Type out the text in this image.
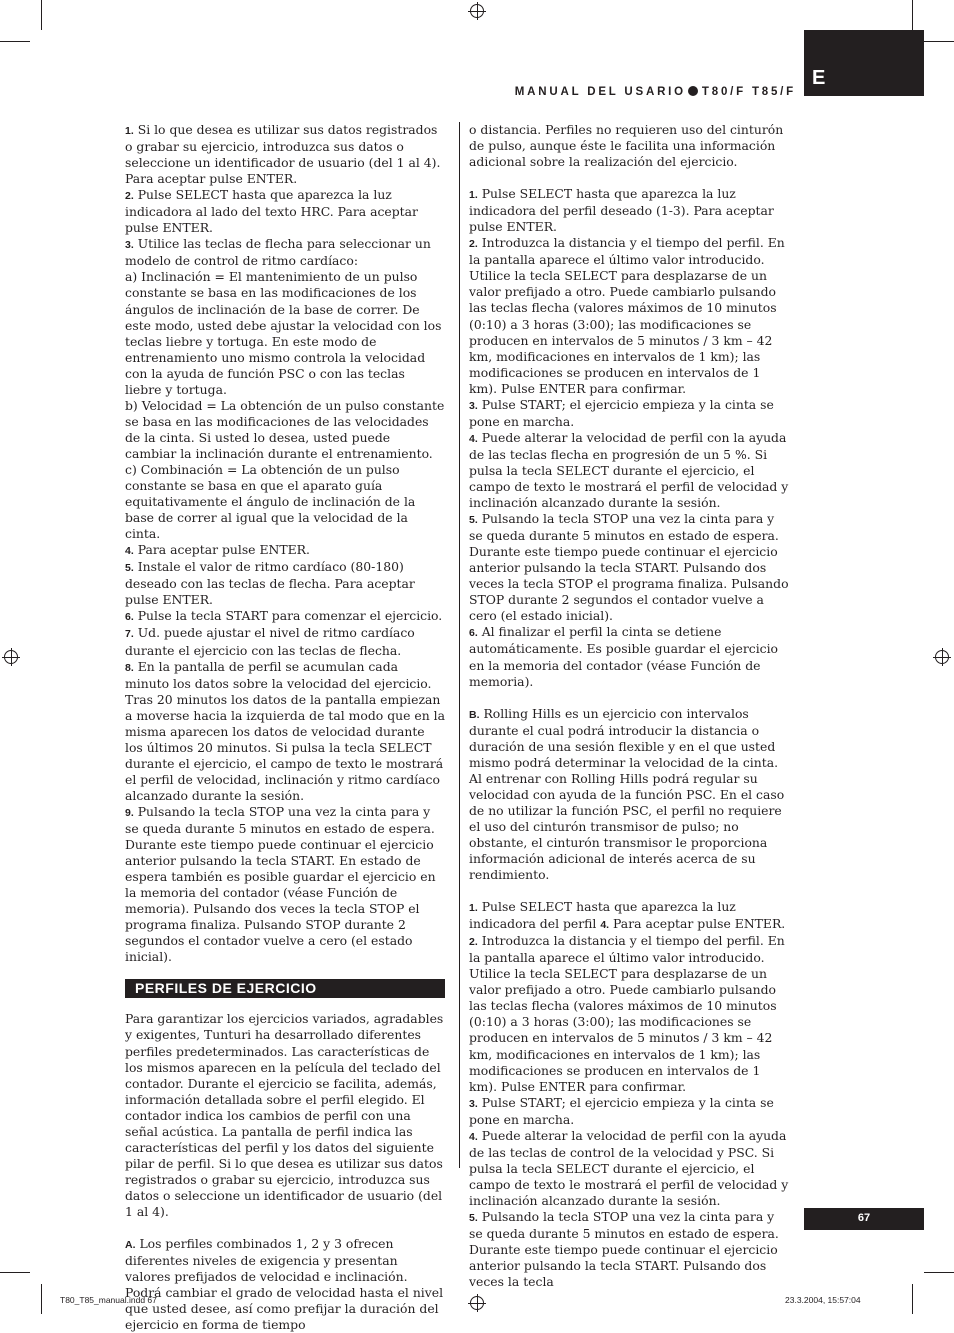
E
MANUAL DEL USARIO T80/F T85/F

1. Si lo que desea es utilizar sus datos registrados o grabar su ejercicio, introduzca sus datos o seleccione un identificador de usuario (del 1 al 4). Para aceptar pulse ENTER.

2. Pulse SELECT hasta que aparezca la luz indicadora al lado del texto HRC. Para aceptar pulse ENTER.

3. Utilice las teclas de flecha para seleccionar un modelo de control de ritmo cardíaco:

a) Inclinación = El mantenimiento de un pulso constante se basa en las modificaciones de los ángulos de inclinación de la base de correr. De este modo, usted debe ajustar la velocidad con los teclas liebre y tortuga. En este modo de entrenamiento uno mismo controla la velocidad con la ayuda de función PSC o con las teclas liebre y tortuga.

b) Velocidad = La obtención de un pulso constante se basa en las modificaciones de las velocidades de la cinta. Si usted lo desea, usted puede cambiar la inclinación durante el entrenamiento.

c) Combinación = La obtención de un pulso constante se basa en que el aparato guía equitativamente el ángulo de inclinación de la base de correr al igual que la velocidad de la cinta.

4. Para aceptar pulse ENTER.

5. Instale el valor de ritmo cardíaco (80-180) deseado con las teclas de flecha. Para aceptar pulse ENTER.

6. Pulse la tecla START para comenzar el ejercicio.

7. Ud. puede ajustar el nivel de ritmo cardíaco durante el ejercicio con las teclas de flecha.

8. En la pantalla de perfil se acumulan cada minuto los datos sobre la velocidad del ejercicio. Tras 20 minutos los datos de la pantalla empiezan a moverse hacia la izquierda de tal modo que en la misma aparecen los datos de velocidad durante los últimos 20 minutos. Si pulsa la tecla SELECT durante el ejercicio, el campo de texto le mostrará el perfil de velocidad, inclinación y ritmo cardíaco alcanzado durante la sesión.

9. Pulsando la tecla STOP una vez la cinta para y se queda durante 5 minutos en estado de espera. Durante este tiempo puede continuar el ejercicio anterior pulsando la tecla START. En estado de espera también es posible guardar el ejercicio en la memoria del contador (véase Función de memoria). Pulsando dos veces la tecla STOP el programa finaliza. Pulsando STOP durante 2 segundos el contador vuelve a cero (el estado inicial).

PERFILES DE EJERCICIO

Para garantizar los ejercicios variados, agradables y exigentes, Tunturi ha desarrollado diferentes perfiles predeterminados. Las características de los mismos aparecen en la película del teclado del contador. Durante el ejercicio se facilita, además, información detallada sobre el perfil elegido. El contador indica los cambios de perfil con una señal acústica. La pantalla de perfil indica las características del perfil y los datos del siguiente pilar de perfil. Si lo que desea es utilizar sus datos registrados o grabar su ejercicio, introduzca sus datos o seleccione un identificador de usuario (del 1 al 4).

A. Los perfiles combinados 1, 2 y 3 ofrecen diferentes niveles de exigencia y presentan valores prefijados de velocidad e inclinación. Podrá cambiar el grado de velocidad hasta el nivel que usted desee, así como prefijar la duración del ejercicio en forma de tiempo

o distancia. Perfiles no requieren uso del cinturón de pulso, aunque éste le facilita una información adicional sobre la realización del ejercicio.

1. Pulse SELECT hasta que aparezca la luz indicadora del perfil deseado (1-3). Para aceptar pulse ENTER.

2. Introduzca la distancia y el tiempo del perfil. En la pantalla aparece el último valor introducido. Utilice la tecla SELECT para desplazarse de un valor prefijado a otro. Puede cambiarlo pulsando las teclas flecha (valores máximos de 10 minutos (0:10) a 3 horas (3:00); las modificaciones se producen en intervalos de 5 minutos / 3 km – 42 km, modificaciones en intervalos de 1 km); las modificaciones se producen en intervalos de 1 km). Pulse ENTER para confirmar.

3. Pulse START; el ejercicio empieza y la cinta se pone en marcha.

4. Puede alterar la velocidad de perfil con la ayuda de las teclas flecha en progresión de un 5 %. Si pulsa la tecla SELECT durante el ejercicio, el campo de texto le mostrará el perfil de velocidad y inclinación alcanzado durante la sesión.

5. Pulsando la tecla STOP una vez la cinta para y se queda durante 5 minutos en estado de espera. Durante este tiempo puede continuar el ejercicio anterior pulsando la tecla START. Pulsando dos veces la tecla STOP el programa finaliza. Pulsando STOP durante 2 segundos el contador vuelve a cero (el estado inicial).

6. Al finalizar el perfil la cinta se detiene automáticamente. Es posible guardar el ejercicio en la memoria del contador (véase Función de memoria).

B. Rolling Hills es un ejercicio con intervalos durante el cual podrá introducir la distancia o duración de una sesión flexible y en el que usted mismo podrá determinar la velocidad de la cinta. Al entrenar con Rolling Hills podrá regular su velocidad con ayuda de la función PSC. En el caso de no utilizar la función PSC, el perfil no requiere el uso del cinturón transmisor de pulso; no obstante, el cinturón transmisor le proporciona información adicional de interés acerca de su rendimiento.

1. Pulse SELECT hasta que aparezca la luz indicadora del perfil 4. Para aceptar pulse ENTER.

2. Introduzca la distancia y el tiempo del perfil. En la pantalla aparece el último valor introducido. Utilice la tecla SELECT para desplazarse de un valor prefijado a otro. Puede cambiarlo pulsando las teclas flecha (valores máximos de 10 minutos (0:10) a 3 horas (3:00); las modificaciones se producen en intervalos de 5 minutos / 3 km – 42 km, modificaciones en intervalos de 1 km); las modificaciones se producen en intervalos de 1 km). Pulse ENTER para confirmar.

3. Pulse START; el ejercicio empieza y la cinta se pone en marcha.

4. Puede alterar la velocidad de perfil con la ayuda de las teclas de control de la velocidad y PSC. Si pulsa la tecla SELECT durante el ejercicio, el campo de texto le mostrará el perfil de velocidad y inclinación alcanzado durante la sesión.

5. Pulsando la tecla STOP una vez la cinta para y se queda durante 5 minutos en estado de espera. Durante este tiempo puede continuar el ejercicio anterior pulsando la tecla START. Pulsando dos veces la tecla

67
T80_T85_manual.indd 67	23.3.2004, 15:57:04
